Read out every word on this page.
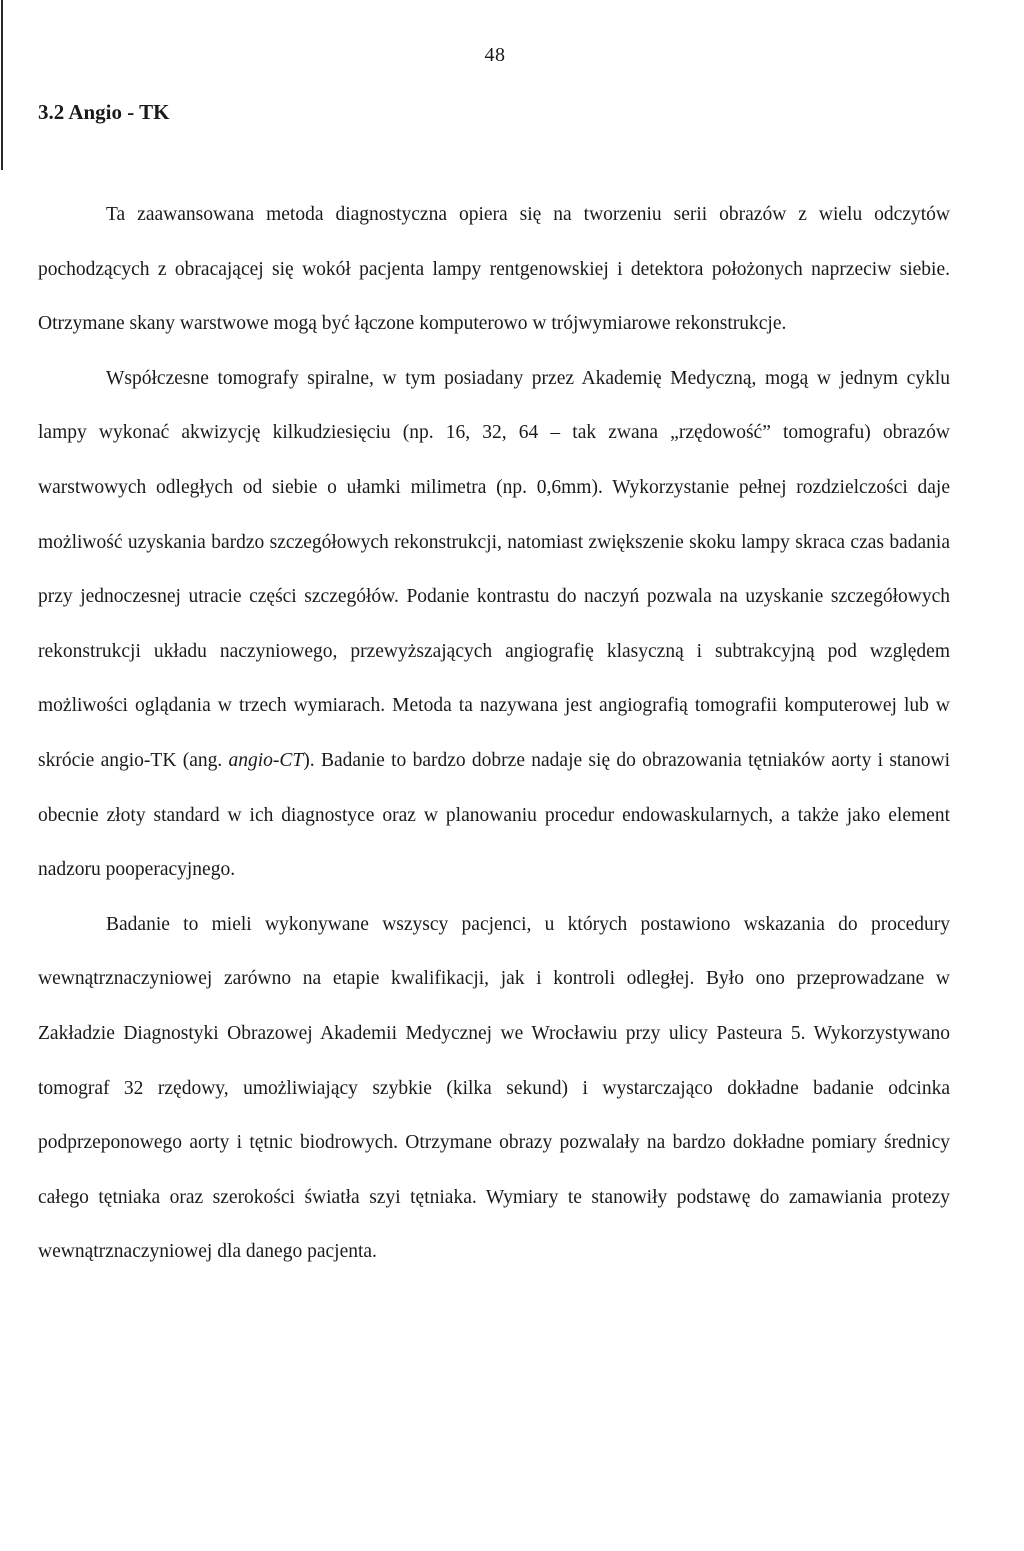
48
3.2 Angio - TK

Ta zaawansowana metoda diagnostyczna opiera się na tworzeniu serii obrazów z wielu odczytów pochodzących z obracającej się wokół pacjenta lampy rentgenowskiej i detektora położonych naprzeciw siebie. Otrzymane skany warstwowe mogą być łączone komputerowo w trójwymiarowe rekonstrukcje.

Współczesne tomografy spiralne, w tym posiadany przez Akademię Medyczną, mogą w jednym cyklu lampy wykonać akwizycję kilkudziesięciu (np. 16, 32, 64 – tak zwana „rzędowość” tomografu) obrazów warstwowych odległych od siebie o ułamki milimetra (np. 0,6mm). Wykorzystanie pełnej rozdzielczości daje możliwość uzyskania bardzo szczegółowych rekonstrukcji, natomiast zwiększenie skoku lampy skraca czas badania przy jednoczesnej utracie części szczegółów. Podanie kontrastu do naczyń pozwala na uzyskanie szczegółowych rekonstrukcji układu naczyniowego, przewyższających angiografię klasyczną i subtrakcyjną pod względem możliwości oglądania w trzech wymiarach. Metoda ta nazywana jest angiografią tomografii komputerowej lub w skrócie angio-TK (ang. angio-CT). Badanie to bardzo dobrze nadaje się do obrazowania tętniaków aorty i stanowi obecnie złoty standard w ich diagnostyce oraz w planowaniu procedur endowaskularnych, a także jako element nadzoru pooperacyjnego.

Badanie to mieli wykonywane wszyscy pacjenci, u których postawiono wskazania do procedury wewnątrznaczyniowej zarówno na etapie kwalifikacji, jak i kontroli odległej. Było ono przeprowadzane w Zakładzie Diagnostyki Obrazowej Akademii Medycznej we Wrocławiu przy ulicy Pasteura 5. Wykorzystywano tomograf 32 rzędowy, umożliwiający szybkie (kilka sekund) i wystarczająco dokładne badanie odcinka podprzeponowego aorty i tętnic biodrowych. Otrzymane obrazy pozwalały na bardzo dokładne pomiary średnicy całego tętniaka oraz szerokości światła szyi tętniaka. Wymiary te stanowiły podstawę do zamawiania protezy wewnątrznaczyniowej dla danego pacjenta.
